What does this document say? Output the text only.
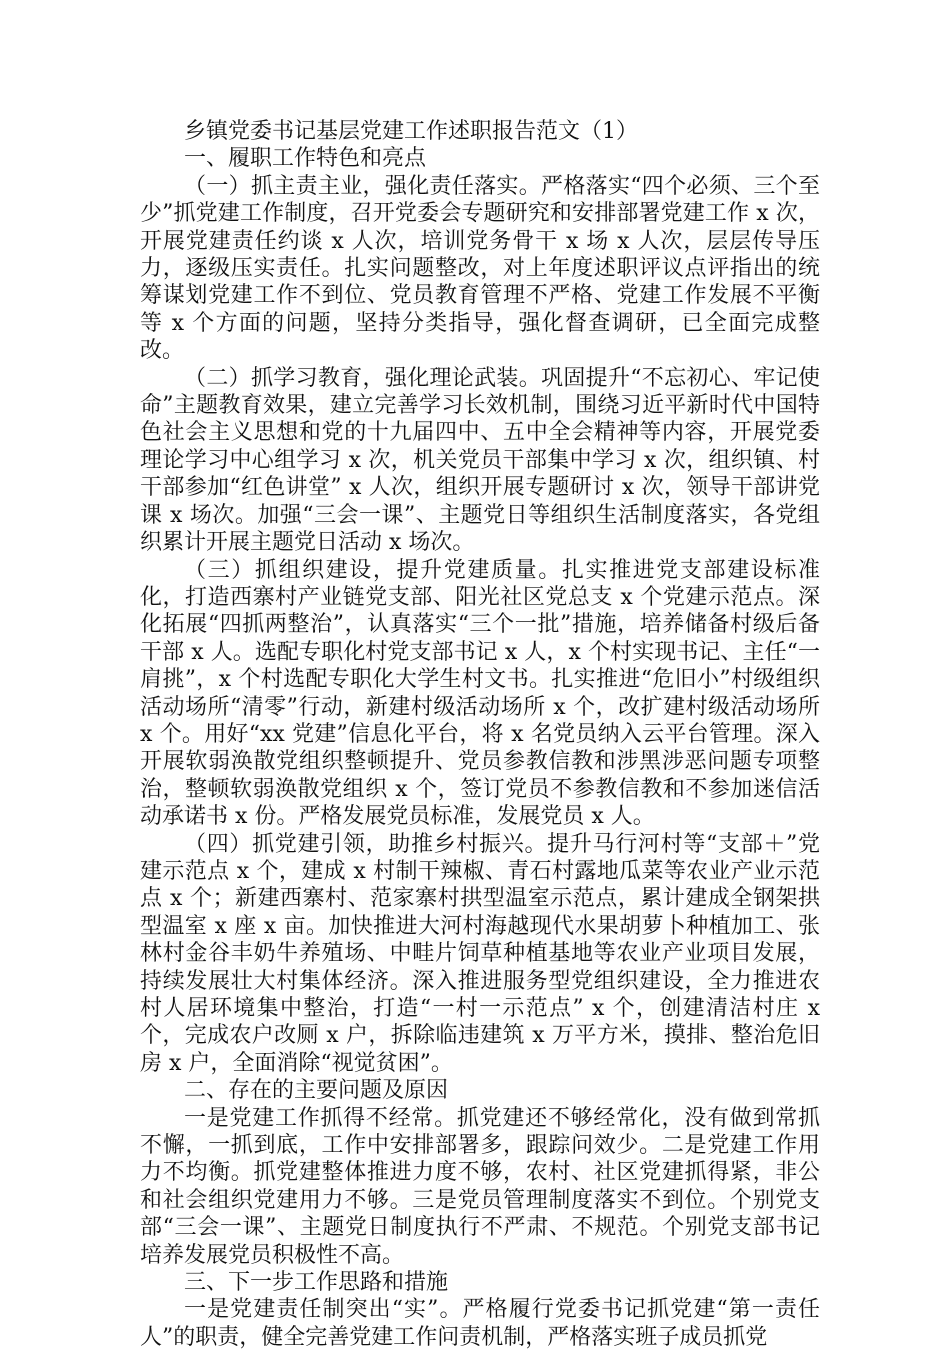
乡镇党委书记基层党建工作述职报告范文（1）

一、履职工作特色和亮点

（一）抓主责主业，强化责任落实。严格落实“四个必须、三个至少”抓党建工作制度，召开党委会专题研究和安排部署党建工作 x 次，开展党建责任约谈 x 人次，培训党务骨干 x 场 x 人次，层层传导压力，逐级压实责任。扎实问题整改，对上年度述职评议点评指出的统筹谋划党建工作不到位、党员教育管理不严格、党建工作发展不平衡等 x 个方面的问题，坚持分类指导，强化督查调研，已全面完成整改。

（二）抓学习教育，强化理论武装。巩固提升“不忘初心、牢记使命”主题教育效果，建立完善学习长效机制，围绕习近平新时代中国特色社会主义思想和党的十九届四中、五中全会精神等内容，开展党委理论学习中心组学习 x 次，机关党员干部集中学习 x 次，组织镇、村干部参加“红色讲堂” x 人次，组织开展专题研讨 x 次，领导干部讲党课 x 场次。加强“三会一课”、主题党日等组织生活制度落实，各党组织累计开展主题党日活动 x 场次。

（三）抓组织建设，提升党建质量。扎实推进党支部建设标准化，打造西寨村产业链党支部、阳光社区党总支 x 个党建示范点。深化拓展“四抓两整治”，认真落实“三个一批”措施，培养储备村级后备干部 x 人。选配专职化村党支部书记 x 人，x 个村实现书记、主任“一肩挑”，x 个村选配专职化大学生村文书。扎实推进“危旧小”村级组织活动场所“清零”行动，新建村级活动场所 x 个，改扩建村级活动场所 x 个。用好“xx 党建”信息化平台，将 x 名党员纳入云平台管理。深入开展软弱涣散党组织整顿提升、党员参教信教和涉黑涉恶问题专项整治，整顿软弱涣散党组织 x 个，签订党员不参教信教和不参加迷信活动承诺书 x 份。严格发展党员标准，发展党员 x 人。

（四）抓党建引领，助推乡村振兴。提升马行河村等“支部＋”党建示范点 x 个，建成 x 村制干辣椒、青石村露地瓜菜等农业产业示范点 x 个；新建西寨村、范家寨村拱型温室示范点，累计建成全钢架拱型温室 x 座 x 亩。加快推进大河村海越现代水果胡萝卜种植加工、张林村金谷丰奶牛养殖场、中畦片饲草种植基地等农业产业项目发展，持续发展壮大村集体经济。深入推进服务型党组织建设，全力推进农村人居环境集中整治，打造“一村一示范点” x 个，创建清洁村庄 x 个，完成农户改厕 x 户，拆除临违建筑 x 万平方米，摸排、整治危旧房 x 户，全面消除“视觉贫困”。

二、存在的主要问题及原因

一是党建工作抓得不经常。抓党建还不够经常化，没有做到常抓不懈，一抓到底，工作中安排部署多，跟踪问效少。二是党建工作用力不均衡。抓党建整体推进力度不够，农村、社区党建抓得紧，非公和社会组织党建用力不够。三是党员管理制度落实不到位。个别党支部“三会一课”、主题党日制度执行不严肃、不规范。个别党支部书记培养发展党员积极性不高。

三、下一步工作思路和措施

一是党建责任制突出“实”。严格履行党委书记抓党建“第一责任人”的职责，健全完善党建工作问责机制，严格落实班子成员抓党
